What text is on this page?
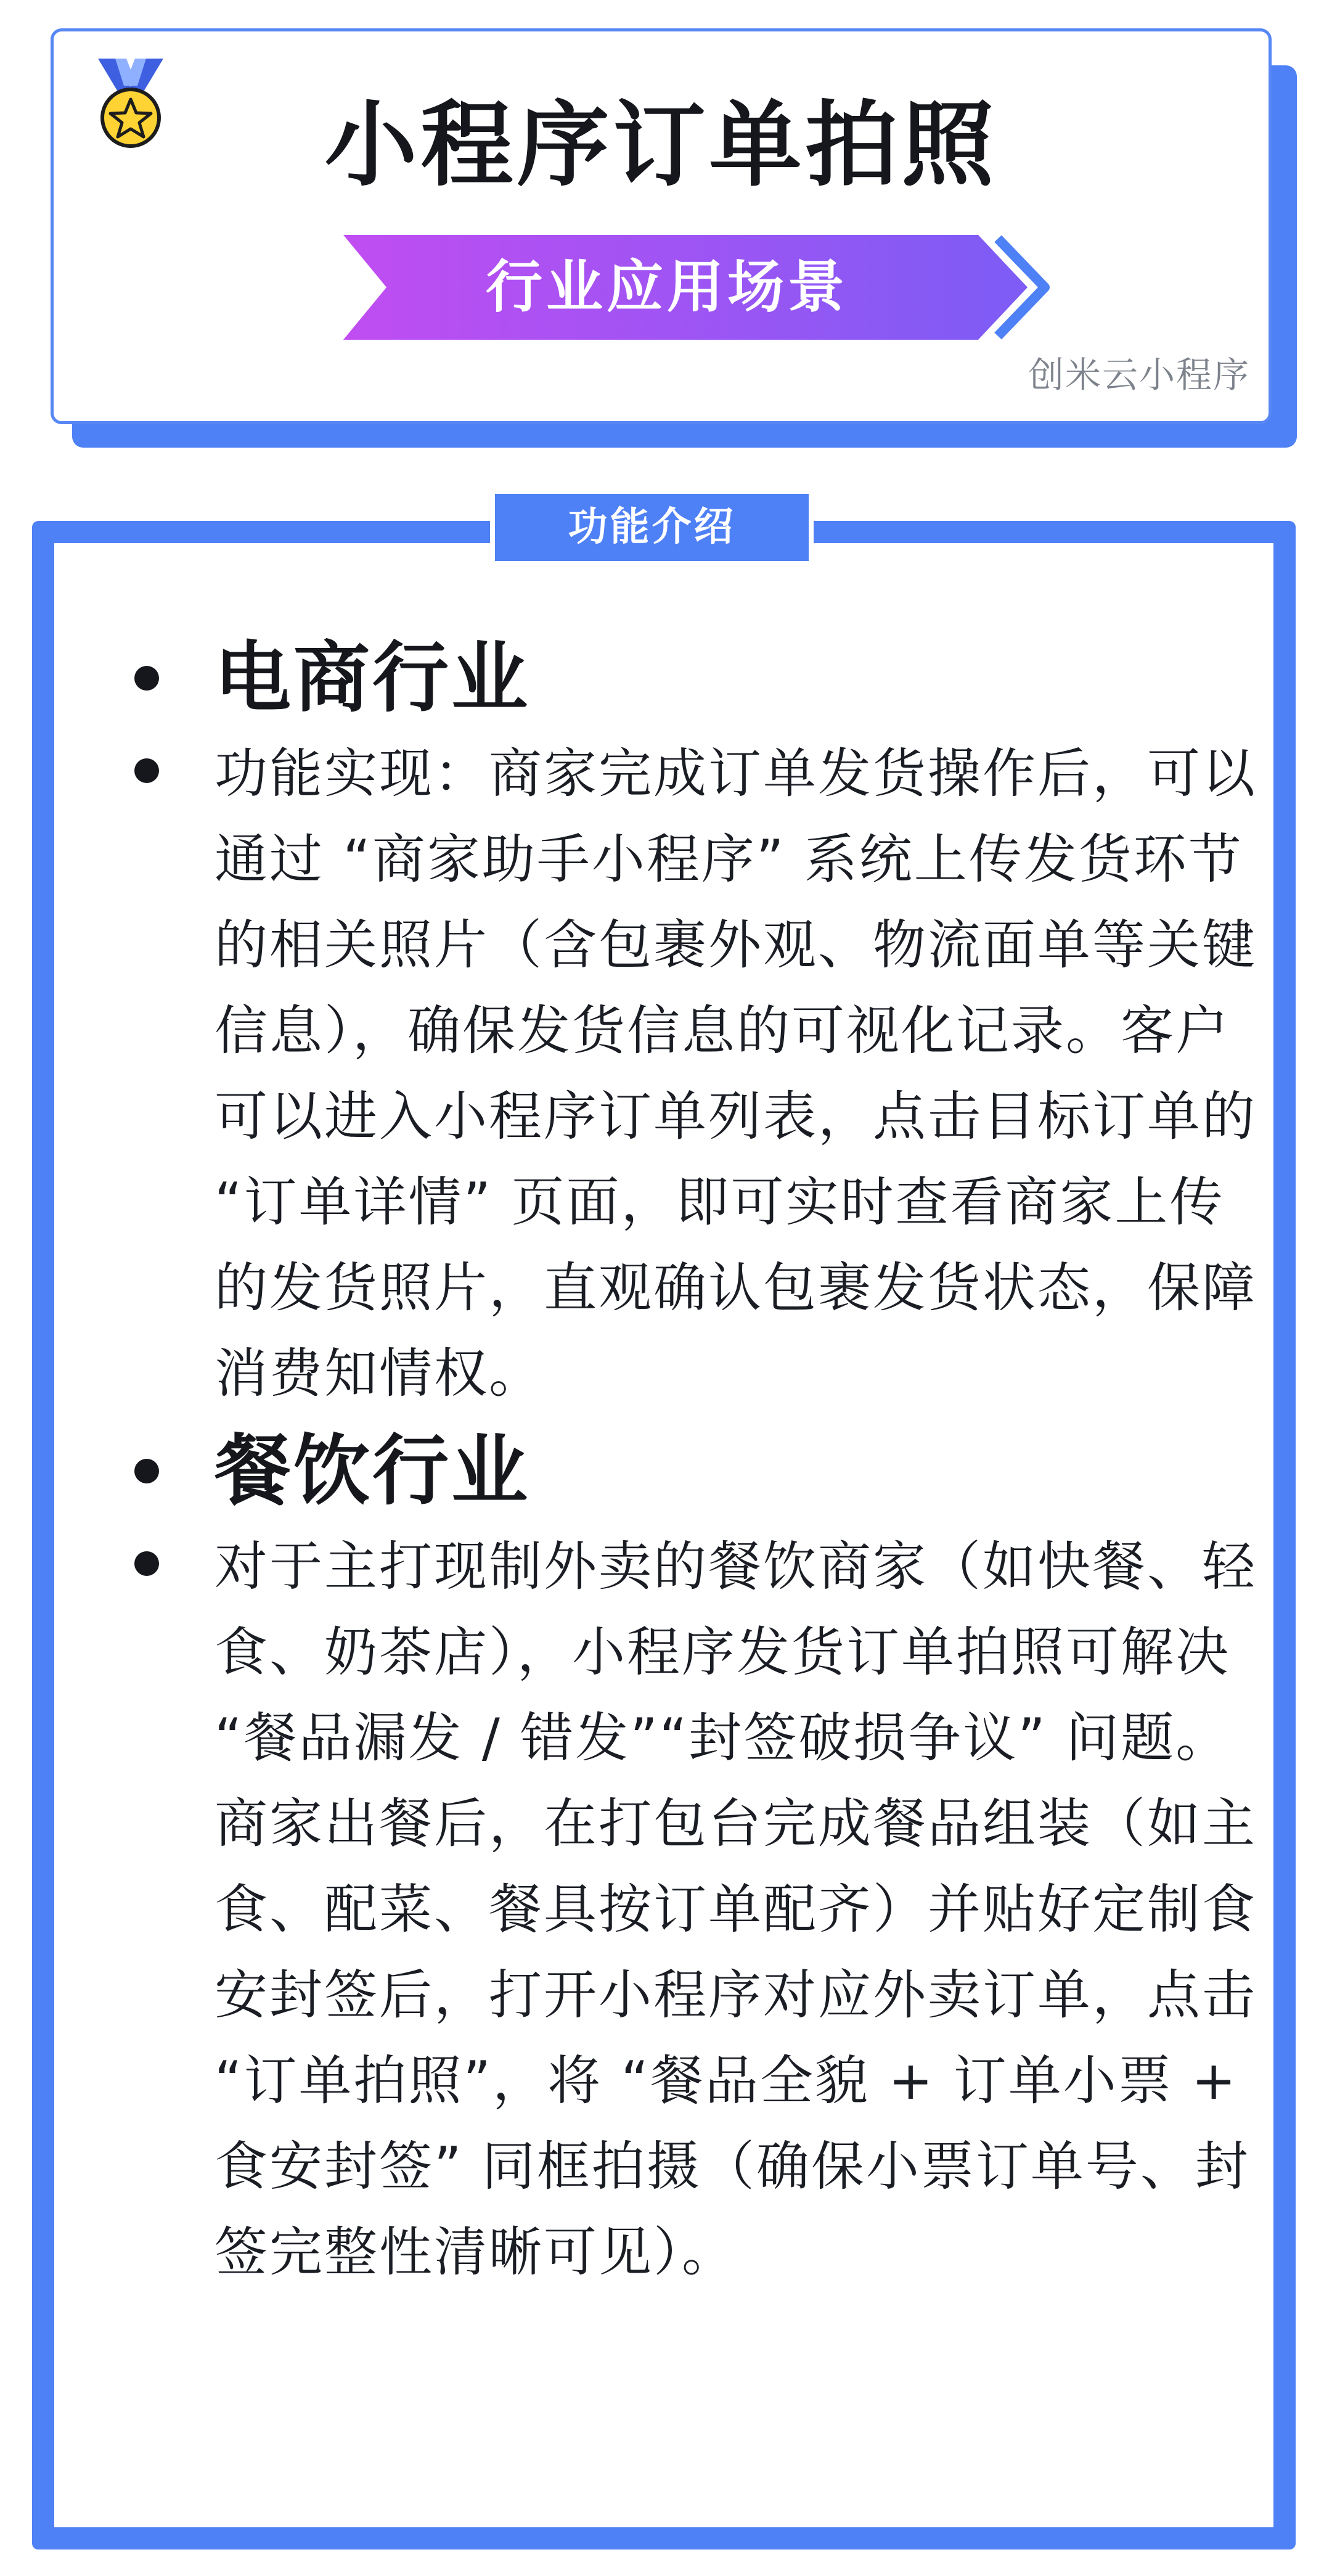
小程序订单拍照
行业应用场景
创米云小程序
功能介绍
电商行业
功能实现：商家完成订单发货操作后，可以通过 “商家助手小程序” 系统上传发货环节的相关照片（含包裹外观、物流面单等关键信息），确保发货信息的可视化记录。客户可以进入小程序订单列表，点击目标订单的 “订单详情” 页面，即可实时查看商家上传的发货照片，直观确认包裹发货状态，保障消费知情权。
餐饮行业
对于主打现制外卖的餐饮商家（如快餐、轻食、奶茶店），小程序发货订单拍照可解决 “餐品漏发 / 错发”“封签破损争议” 问题。商家出餐后，在打包台完成餐品组装（如主食、配菜、餐具按订单配齐）并贴好定制食安封签后，打开小程序对应外卖订单，点击 “订单拍照”，将 “餐品全貌 + 订单小票 + 食安封签” 同框拍摄（确保小票订单号、封签完整性清晰可见）。
